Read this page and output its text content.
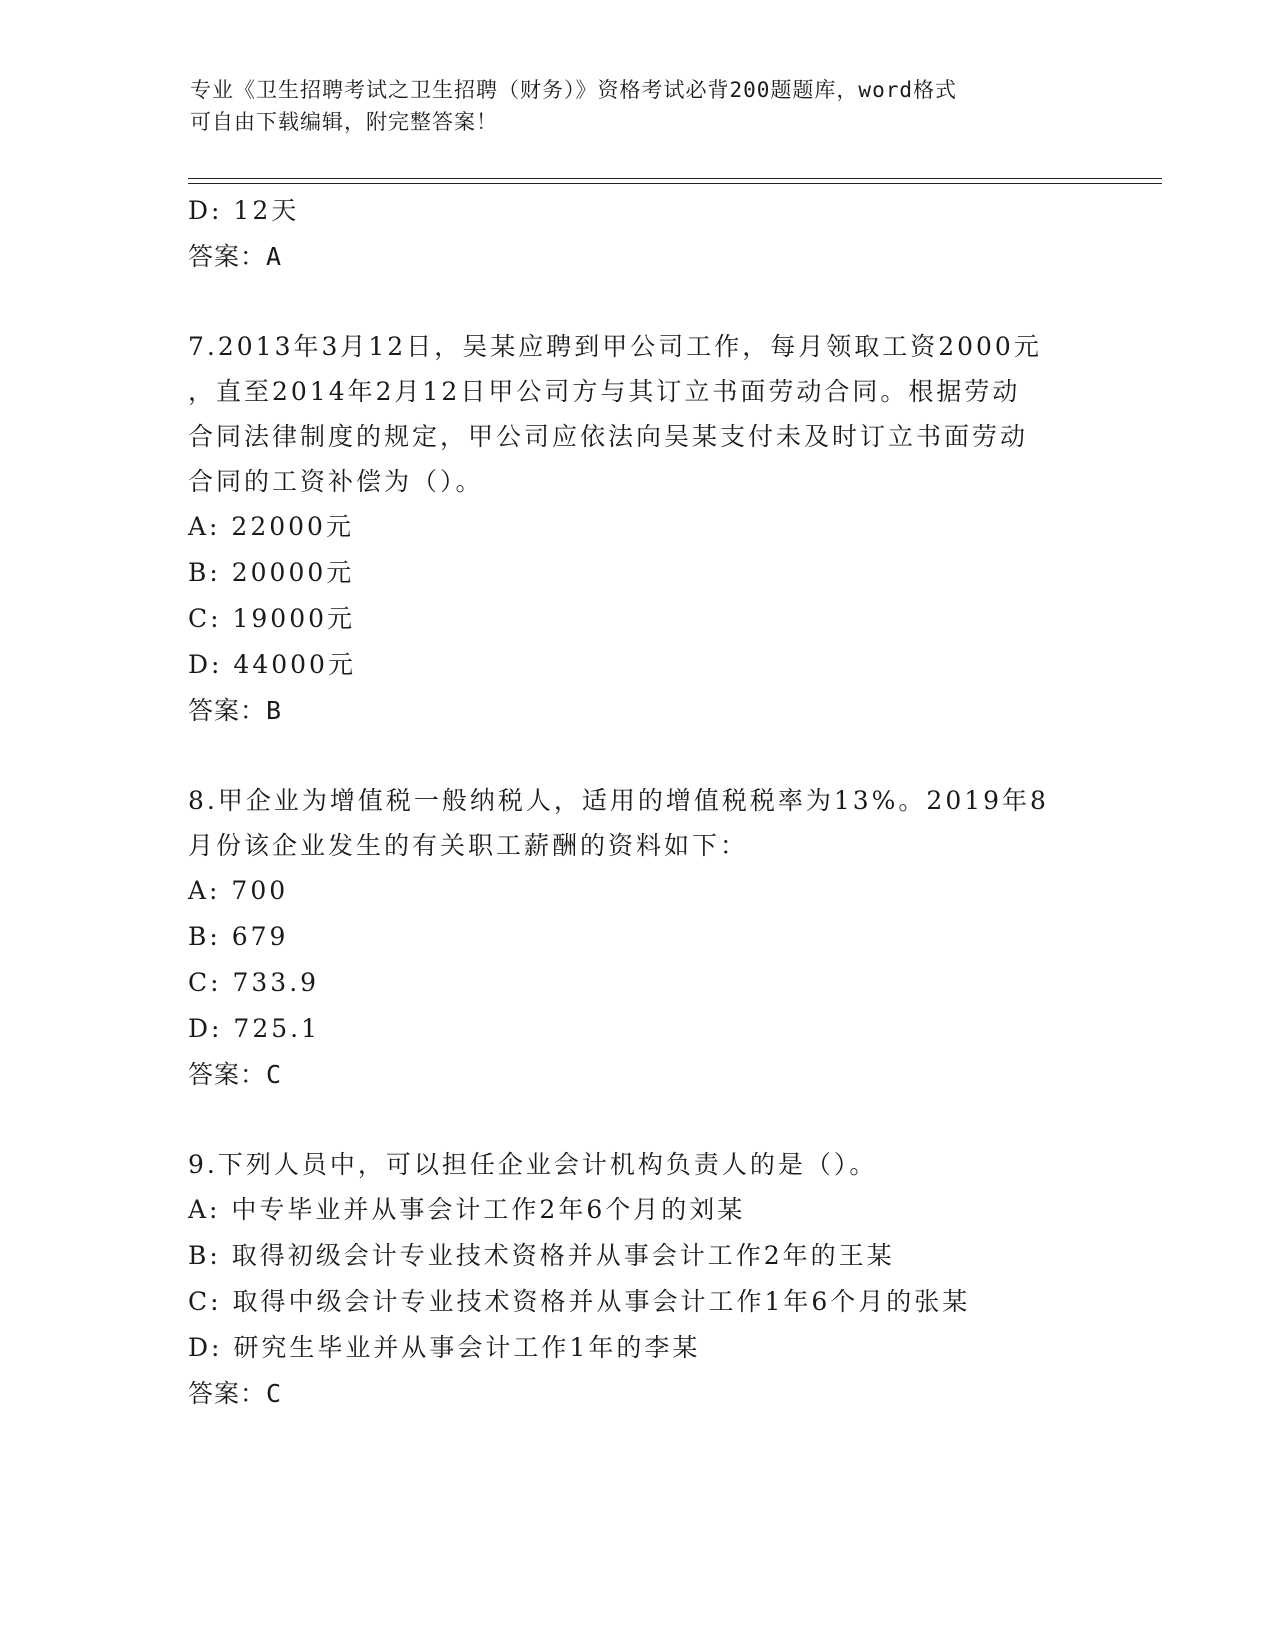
专业《卫生招聘考试之卫生招聘（财务）》资格考试必背200题题库，word格式
可自由下载编辑，附完整答案！
D: 12天
答案：A
7.2013年3月12日，吴某应聘到甲公司工作，每月领取工资2000元
，直至2014年2月12日甲公司方与其订立书面劳动合同。根据劳动
合同法律制度的规定，甲公司应依法向吴某支付未及时订立书面劳动
合同的工资补偿为（）。
A: 22000元
B: 20000元
C: 19000元
D: 44000元
答案：B
8.甲企业为增值税一般纳税人，适用的增值税税率为13%。2019年8
月份该企业发生的有关职工薪酬的资料如下：
A: 700
B: 679
C: 733.9
D: 725.1
答案：C
9.下列人员中，可以担任企业会计机构负责人的是（）。
A: 中专毕业并从事会计工作2年6个月的刘某
B: 取得初级会计专业技术资格并从事会计工作2年的王某
C: 取得中级会计专业技术资格并从事会计工作1年6个月的张某
D: 研究生毕业并从事会计工作1年的李某
答案：C
